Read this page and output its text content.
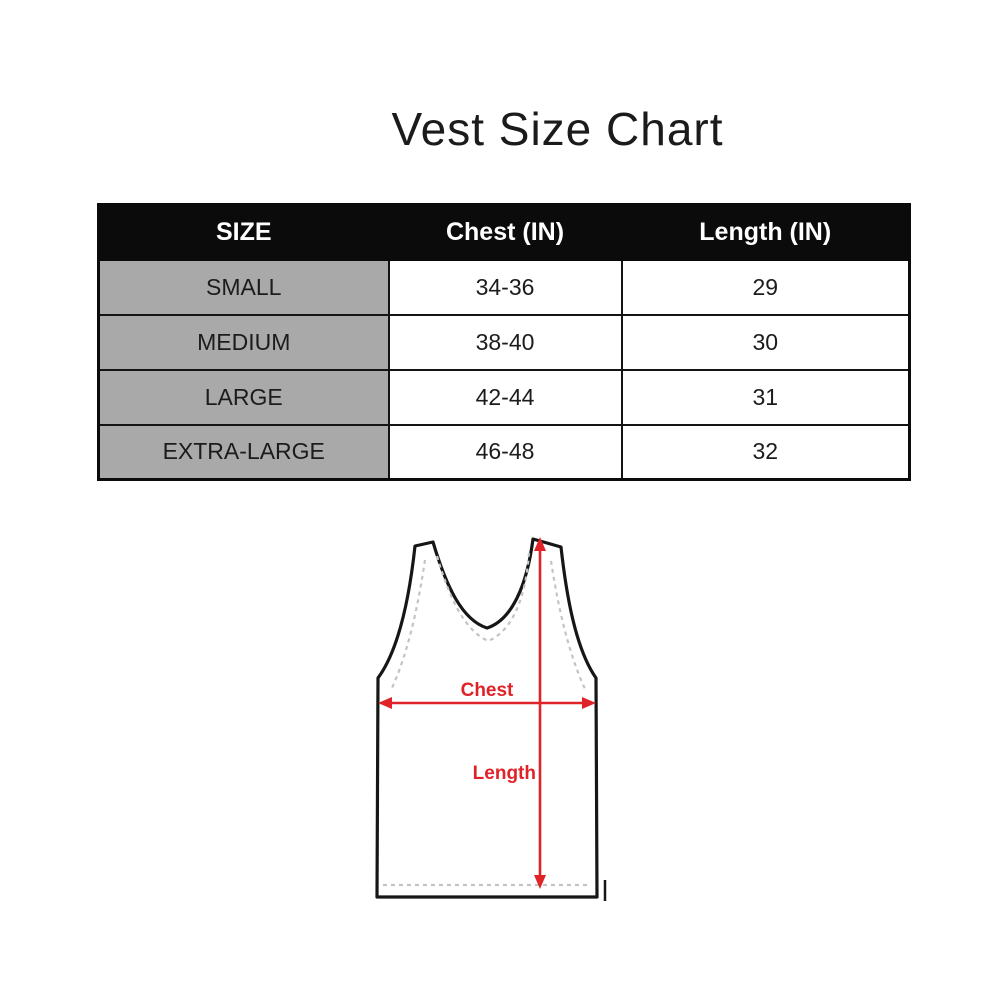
Vest Size Chart
SIZE	Chest (IN)	Length (IN)
SMALL	34-36	29
MEDIUM	38-40	30
LARGE	42-44	31
EXTRA-LARGE	46-48	32
Chest
Length
